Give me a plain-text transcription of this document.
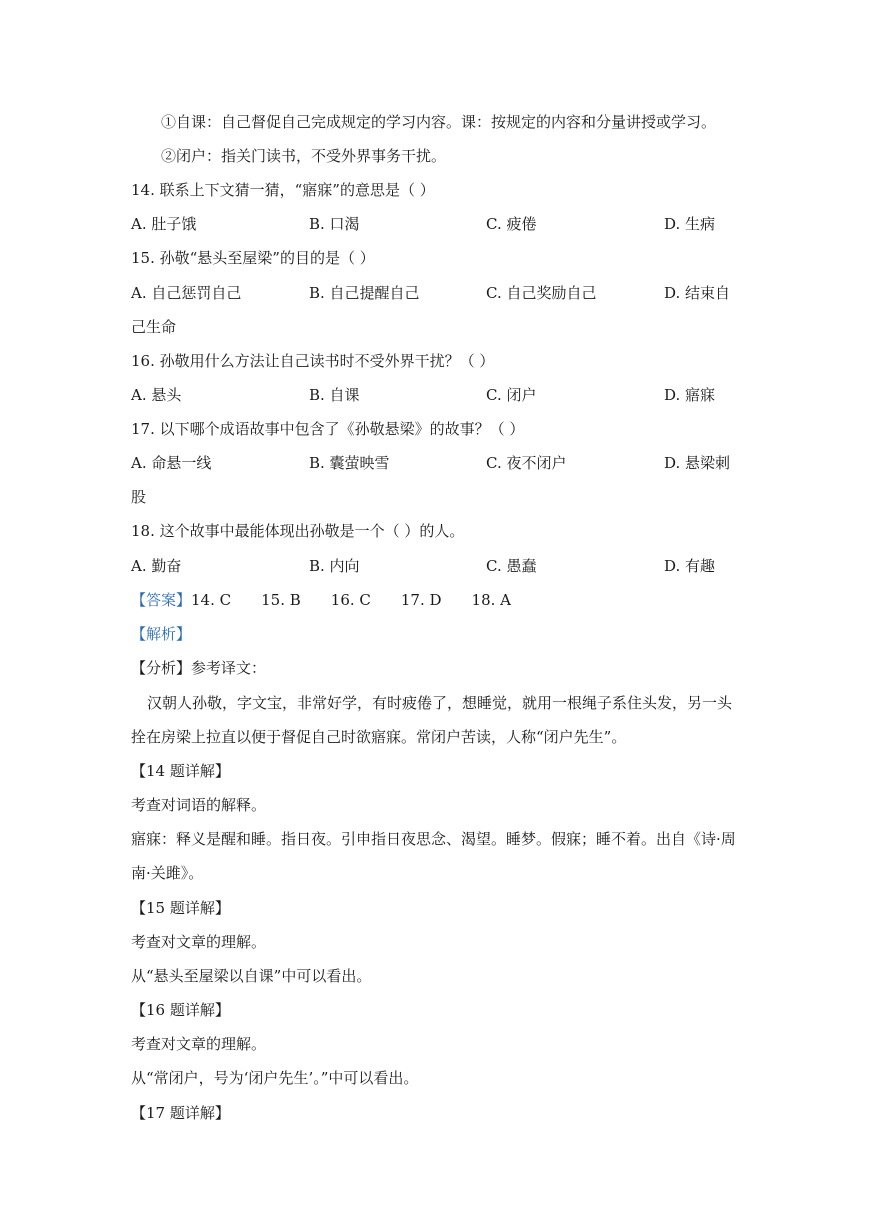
①自课：自己督促自己完成规定的学习内容。课：按规定的内容和分量讲授或学习。
②闭户：指关门读书，不受外界事务干扰。
14. 联系上下文猜一猜，“寤寐”的意思是（ ）
A. 肚子饿	B. 口渴	C. 疲倦	D. 生病
15. 孙敬“悬头至屋梁”的目的是（ ）
A. 自己惩罚自己	B. 自己提醒自己	C. 自己奖励自己	D. 结束自
己生命
16. 孙敬用什么方法让自己读书时不受外界干扰？（ ）
A. 悬头	B. 自课	C. 闭户	D. 寤寐
17. 以下哪个成语故事中包含了《孙敬悬梁》的故事？（ ）
A. 命悬一线	B. 囊萤映雪	C. 夜不闭户	D. 悬梁刺
股
18. 这个故事中最能体现出孙敬是一个（ ）的人。
A. 勤奋	B. 内向	C. 愚蠢	D. 有趣
【答案】14. C 15. B 16. C 17. D 18. A
【解析】
【分析】参考译文：
汉朝人孙敬，字文宝，非常好学，有时疲倦了，想睡觉，就用一根绳子系住头发，另一头
拴在房梁上拉直以便于督促自己时欲寤寐。常闭户苦读，人称“闭户先生”。
【14 题详解】
考查对词语的解释。
寤寐：释义是醒和睡。指日夜。引申指日夜思念、渴望。睡梦。假寐；睡不着。出自《诗·周
南·关雎》。
【15 题详解】
考查对文章的理解。
从“悬头至屋梁以自课”中可以看出。
【16 题详解】
考查对文章的理解。
从“常闭户，号为‘闭户先生’。”中可以看出。
【17 题详解】
